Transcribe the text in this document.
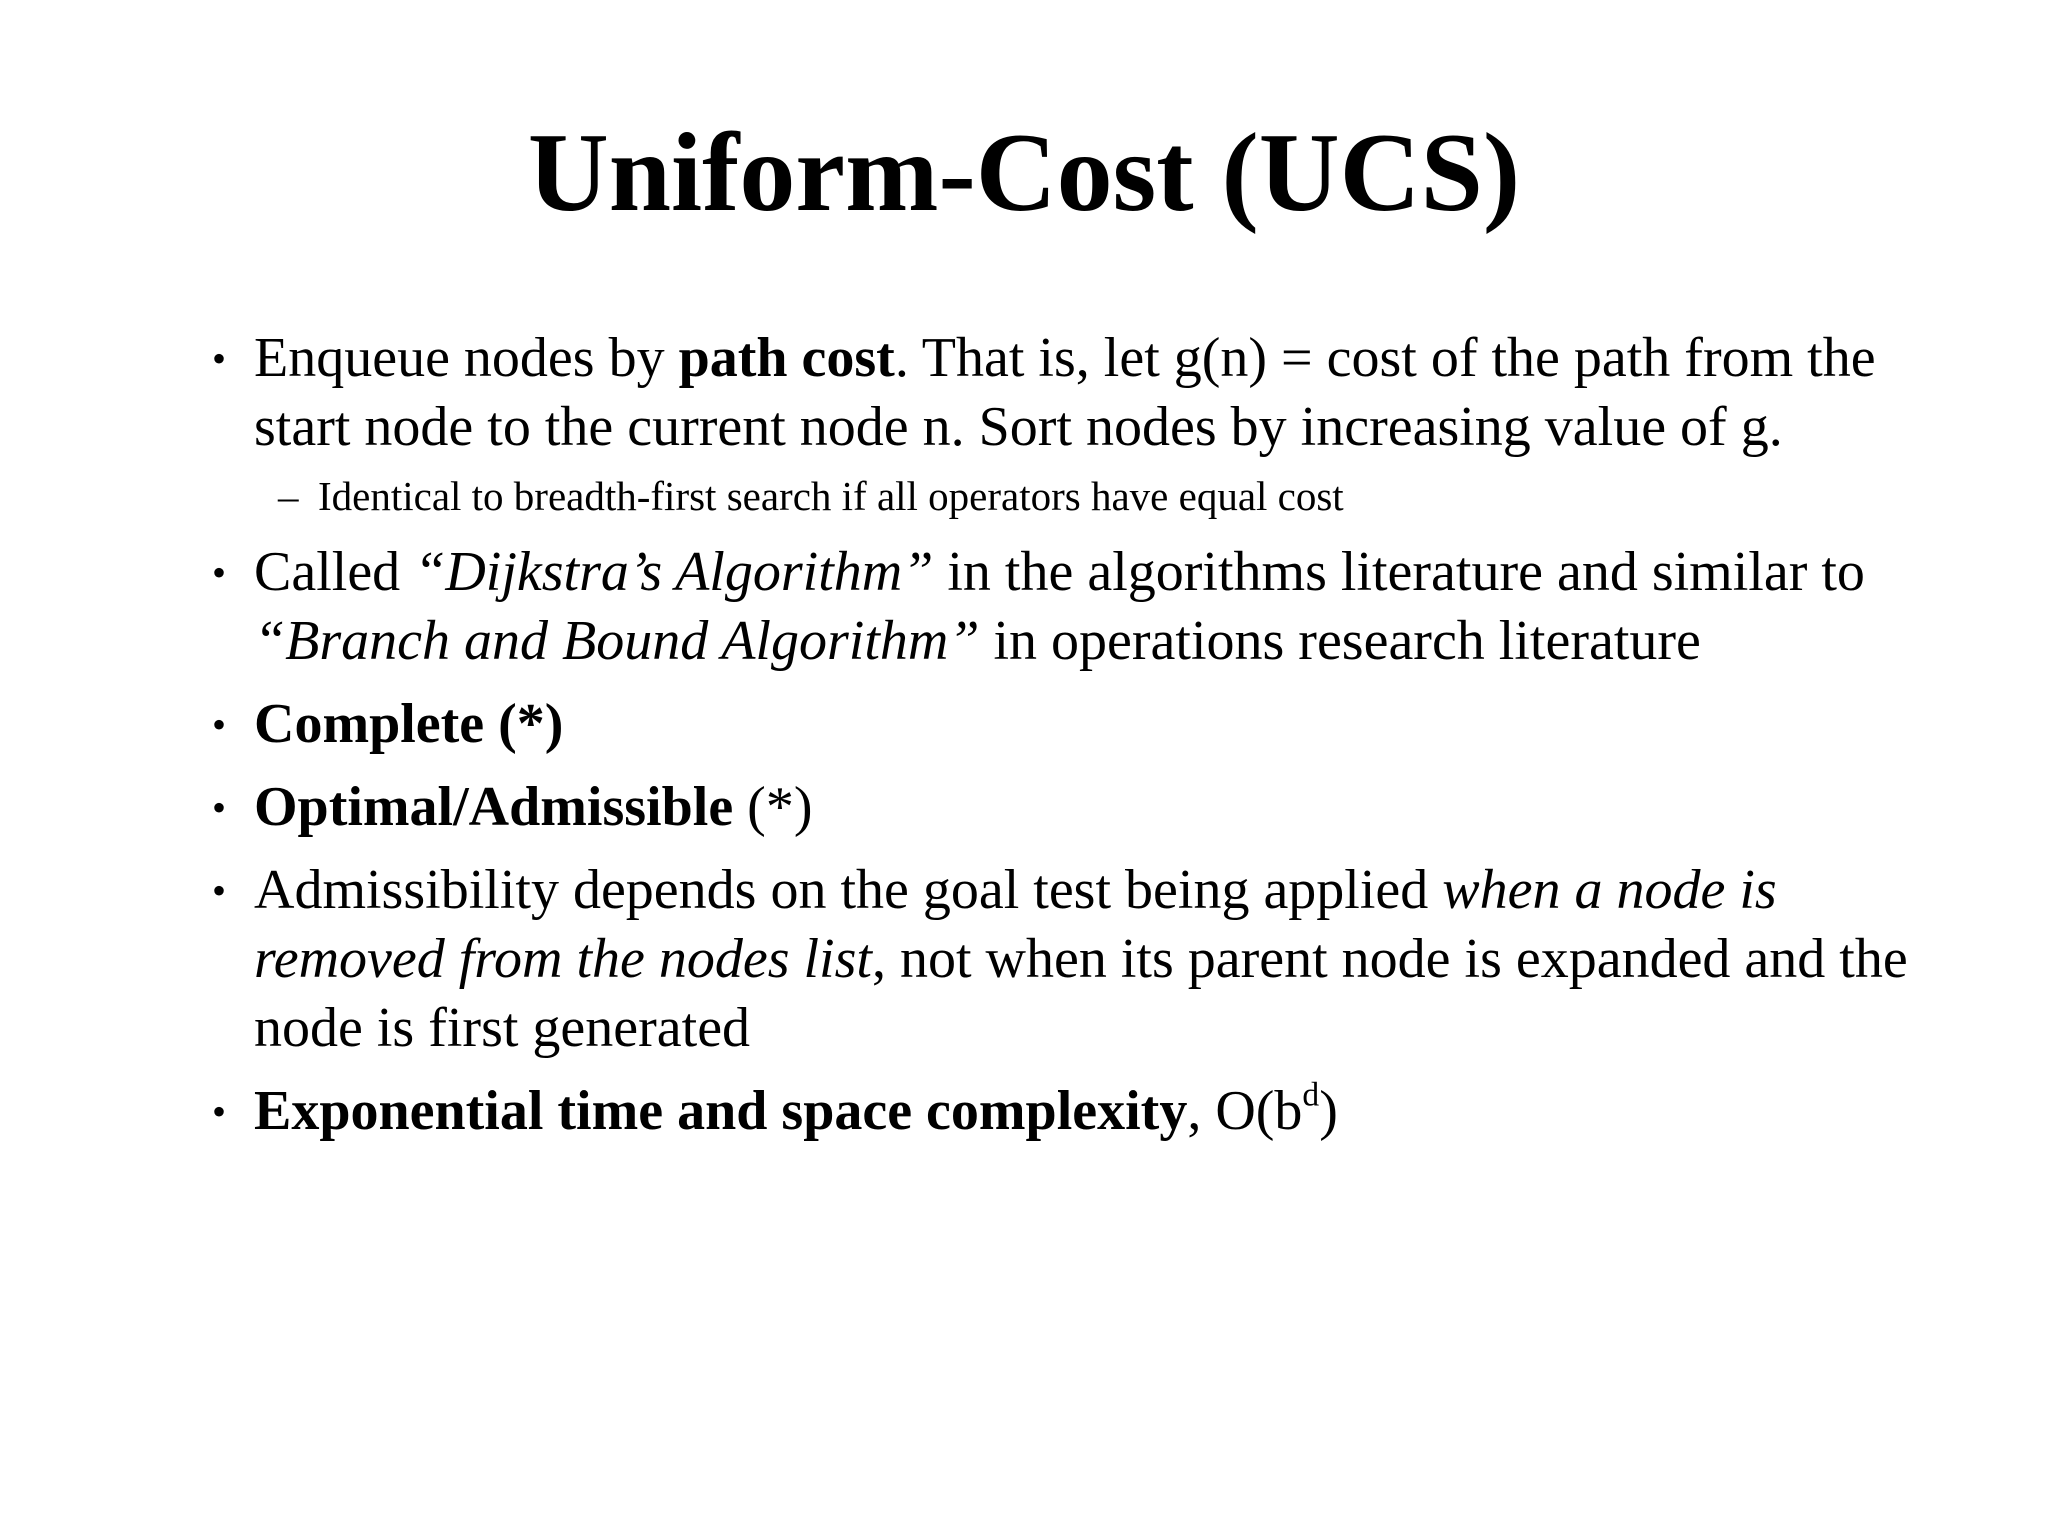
Uniform-Cost (UCS)
• Enqueue nodes by path cost. That is, let g(n) = cost of the path from the start node to the current node n. Sort nodes by increasing value of g.
– Identical to breadth-first search if all operators have equal cost
• Called “Dijkstra’s Algorithm” in the algorithms literature and similar to “Branch and Bound Algorithm” in operations research literature
• Complete (*)
• Optimal/Admissible (*)
• Admissibility depends on the goal test being applied when a node is removed from the nodes list, not when its parent node is expanded and the node is first generated
• Exponential time and space complexity, $O(b^d)$
